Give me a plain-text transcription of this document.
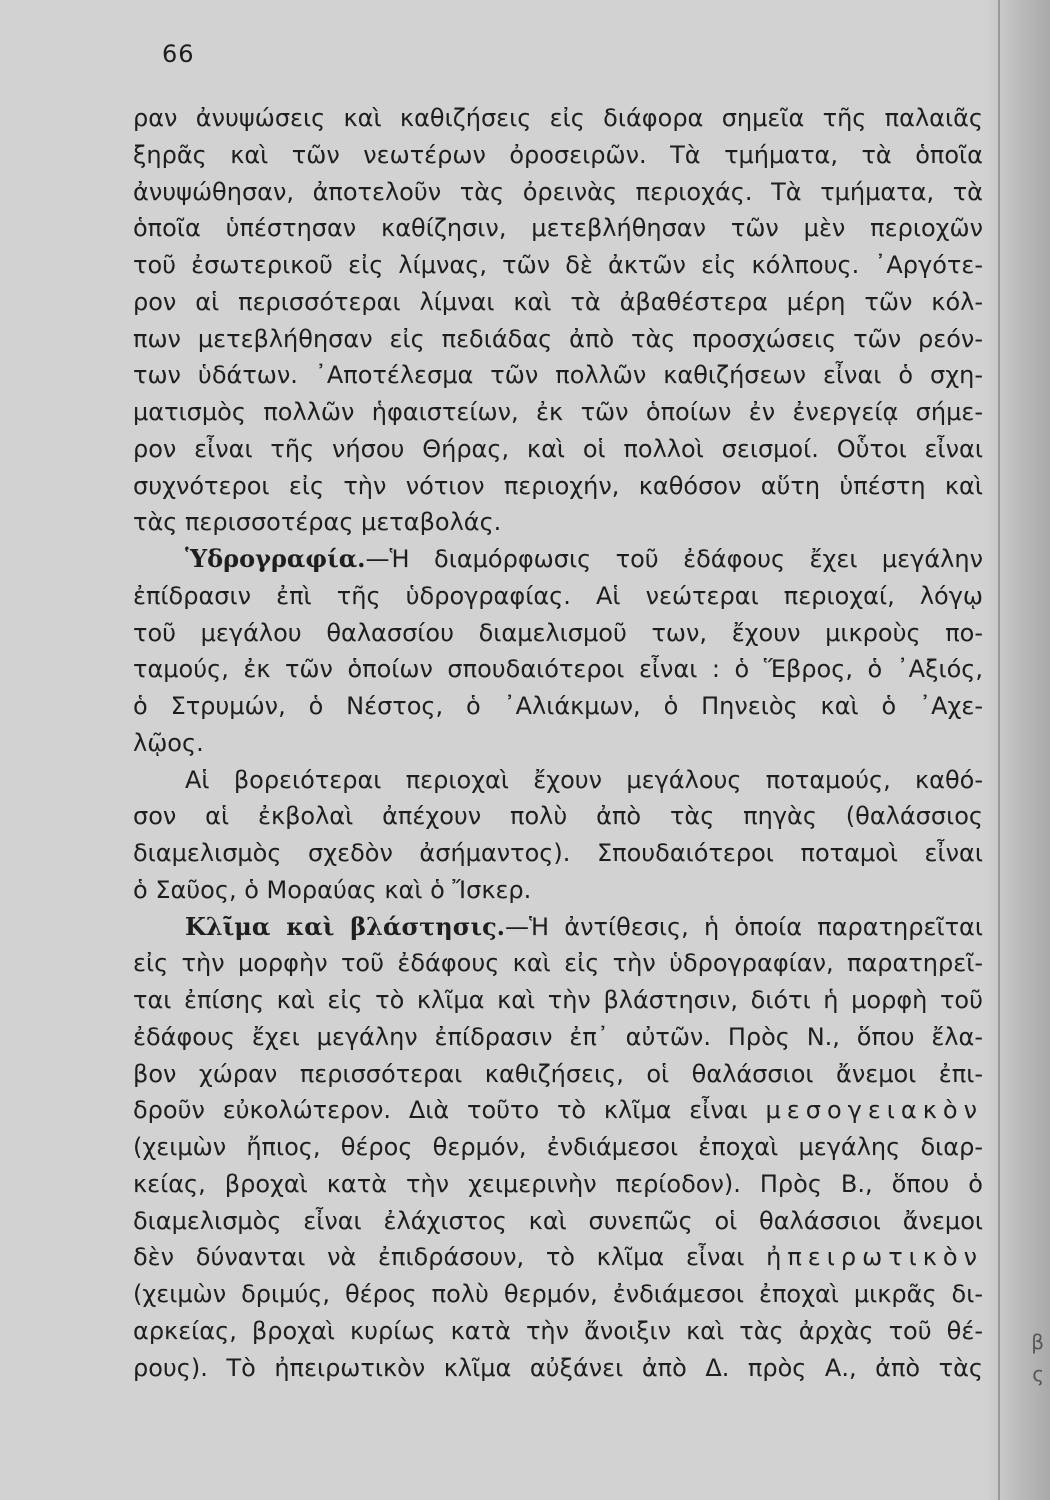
β
ς
66
ραν ἀνυψώσεις καὶ καθιζήσεις εἰς διάφορα σημεῖα τῆς παλαιᾶς
ξηρᾶς καὶ τῶν νεωτέρων ὀροσειρῶν. Τὰ τμήματα, τὰ ὁποῖα
ἀνυψώθησαν, ἀποτελοῦν τὰς ὀρεινὰς περιοχάς. Τὰ τμήματα, τὰ
ὁποῖα ὑπέστησαν καθίζησιν, μετεβλήθησαν τῶν μὲν περιοχῶν
τοῦ ἐσωτερικοῦ εἰς λίμνας, τῶν δὲ ἀκτῶν εἰς κόλπους. ᾿Αργότε-
ρον αἱ περισσότεραι λίμναι καὶ τὰ ἀβαθέστερα μέρη τῶν κόλ-
πων μετεβλήθησαν εἰς πεδιάδας ἀπὸ τὰς προσχώσεις τῶν ρεόν-
των ὑδάτων. ᾿Αποτέλεσμα τῶν πολλῶν καθιζήσεων εἶναι ὁ σχη-
ματισμὸς πολλῶν ἡφαιστείων, ἐκ τῶν ὁποίων ἐν ἐνεργείᾳ σήμε-
ρον εἶναι τῆς νήσου Θήρας, καὶ οἱ πολλοὶ σεισμοί. Οὗτοι εἶναι
συχνότεροι εἰς τὴν νότιον περιοχήν, καθόσον αὕτη ὑπέστη καὶ
τὰς περισσοτέρας μεταβολάς.
Ὑδρογραφία.—Ἡ διαμόρφωσις τοῦ ἐδάφους ἔχει μεγάλην
ἐπίδρασιν ἐπὶ τῆς ὑδρογραφίας. Αἱ νεώτεραι περιοχαί, λόγῳ
τοῦ μεγάλου θαλασσίου διαμελισμοῦ των, ἔχουν μικροὺς πο-
ταμούς, ἐκ τῶν ὁποίων σπουδαιότεροι εἶναι : ὁ Ἕβρος, ὁ ᾿Αξιός,
ὁ Στρυμών, ὁ Νέστος, ὁ ᾿Αλιάκμων, ὁ Πηνειὸς καὶ ὁ ᾿Αχε-
λῷος.
Αἱ βορειότεραι περιοχαὶ ἔχουν μεγάλους ποταμούς, καθό-
σον αἱ ἐκβολαὶ ἀπέχουν πολὺ ἀπὸ τὰς πηγὰς (θαλάσσιος
διαμελισμὸς σχεδὸν ἀσήμαντος). Σπουδαιότεροι ποταμοὶ εἶναι
ὁ Σαῦος, ὁ Μοραύας καὶ ὁ Ἴσκερ.
Κλῖμα καὶ βλάστησις.—Ἡ ἀντίθεσις, ἡ ὁποία παρατηρεῖται
εἰς τὴν μορφὴν τοῦ ἐδάφους καὶ εἰς τὴν ὑδρογραφίαν, παρατηρεῖ-
ται ἐπίσης καὶ εἰς τὸ κλῖμα καὶ τὴν βλάστησιν, διότι ἡ μορφὴ τοῦ
ἐδάφους ἔχει μεγάλην ἐπίδρασιν ἐπ᾿ αὐτῶν. Πρὸς Ν., ὅπου ἔλα-
βον χώραν περισσότεραι καθιζήσεις, οἱ θαλάσσιοι ἄνεμοι ἐπι-
δροῦν εὐκολώτερον. Διὰ τοῦτο τὸ κλῖμα εἶναι μεσογειακὸν
(χειμὼν ἤπιος, θέρος θερμόν, ἐνδιάμεσοι ἐποχαὶ μεγάλης διαρ-
κείας, βροχαὶ κατὰ τὴν χειμερινὴν περίοδον). Πρὸς Β., ὅπου ὁ
διαμελισμὸς εἶναι ἐλάχιστος καὶ συνεπῶς οἱ θαλάσσιοι ἄνεμοι
δὲν δύνανται νὰ ἐπιδράσουν, τὸ κλῖμα εἶναι ἠπειρωτικὸν
(χειμὼν δριμύς, θέρος πολὺ θερμόν, ἐνδιάμεσοι ἐποχαὶ μικρᾶς δι-
αρκείας, βροχαὶ κυρίως κατὰ τὴν ἄνοιξιν καὶ τὰς ἀρχὰς τοῦ θέ-
ρους). Τὸ ἠπειρωτικὸν κλῖμα αὐξάνει ἀπὸ Δ. πρὸς Α., ἀπὸ τὰς
